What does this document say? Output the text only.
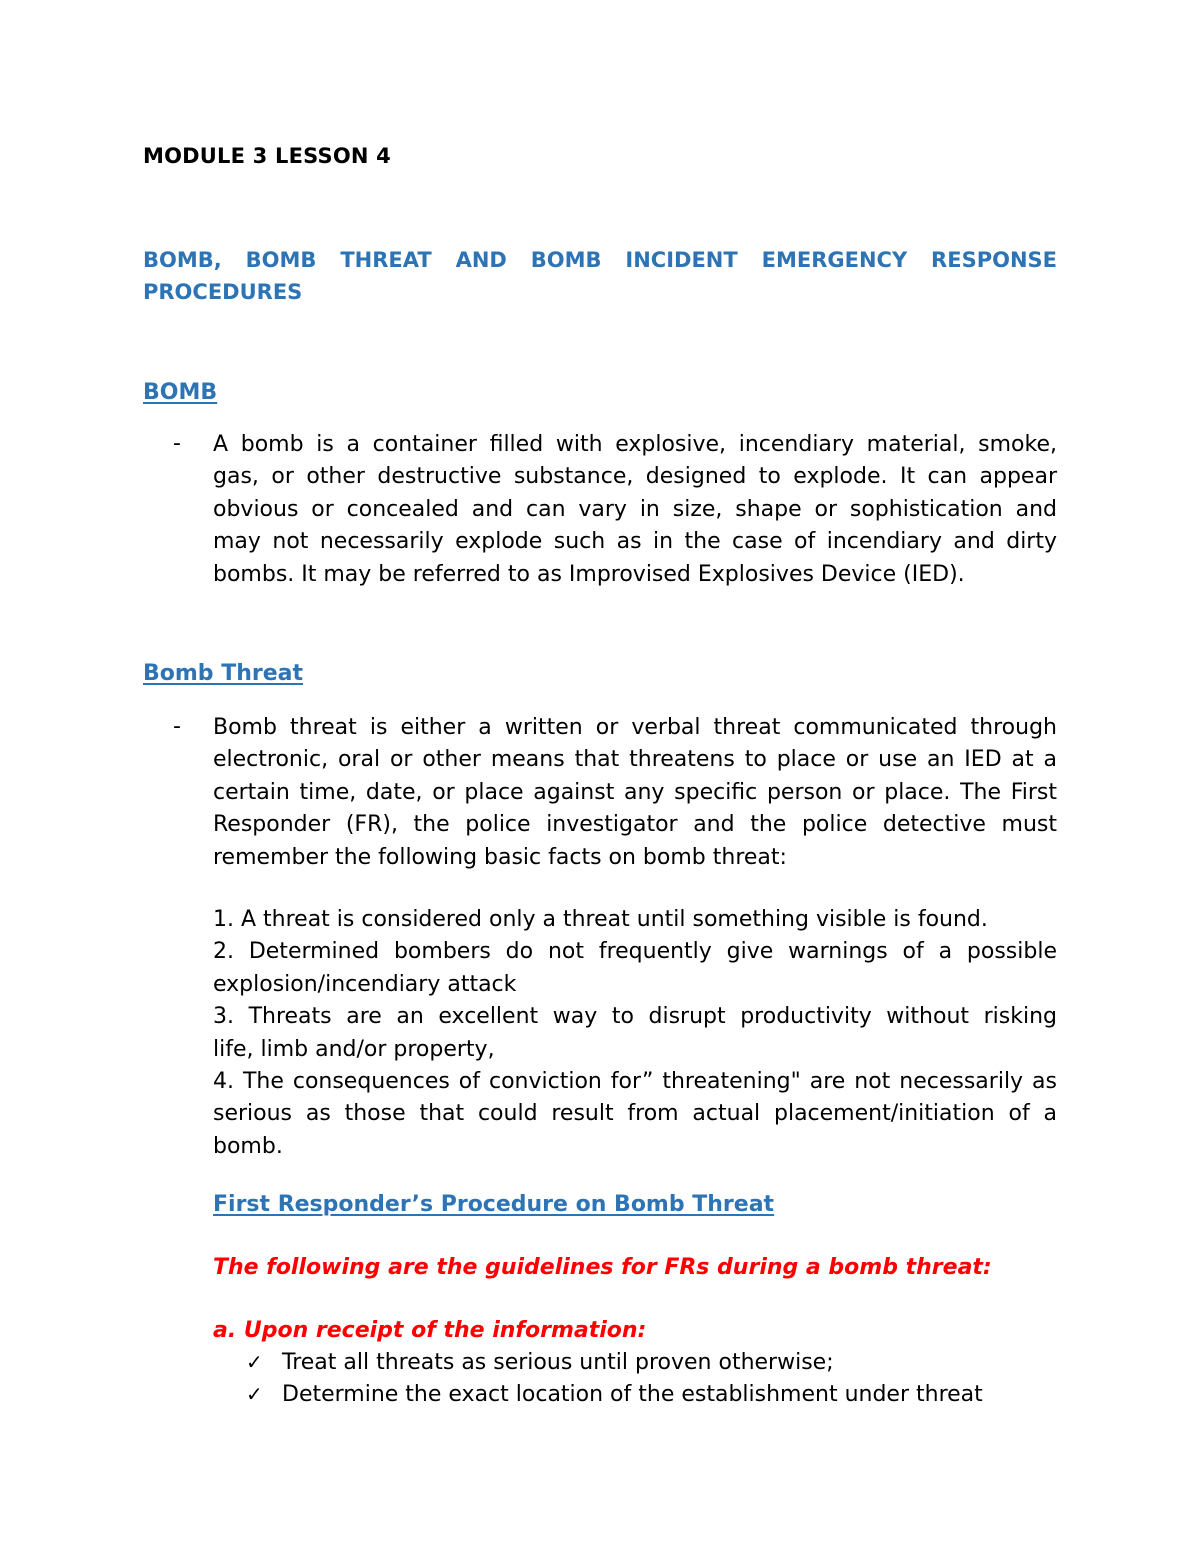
MODULE 3 LESSON 4
BOMB, BOMB THREAT AND BOMB INCIDENT EMERGENCY RESPONSE
PROCEDURES
BOMB
- A bomb is a container filled with explosive, incendiary material, smoke,
gas, or other destructive substance, designed to explode. It can appear
obvious or concealed and can vary in size, shape or sophistication and
may not necessarily explode such as in the case of incendiary and dirty
bombs. It may be referred to as Improvised Explosives Device (IED).

Bomb Threat
- Bomb threat is either a written or verbal threat communicated through
electronic, oral or other means that threatens to place or use an IED at a
certain time, date, or place against any specific person or place. The First
Responder (FR), the police investigator and the police detective must
remember the following basic facts on bomb threat:

1. A threat is considered only a threat until something visible is found.
2. Determined bombers do not frequently give warnings of a possible
explosion/incendiary attack
3. Threats are an excellent way to disrupt productivity without risking
life, limb and/or property,
4. The consequences of conviction for” threatening" are not necessarily as
serious as those that could result from actual placement/initiation of a
bomb.

First Responder’s Procedure on Bomb Threat

The following are the guidelines for FRs during a bomb threat:

a. Upon receipt of the information:

✓ Treat all threats as serious until proven otherwise;
✓ Determine the exact location of the establishment under threat
